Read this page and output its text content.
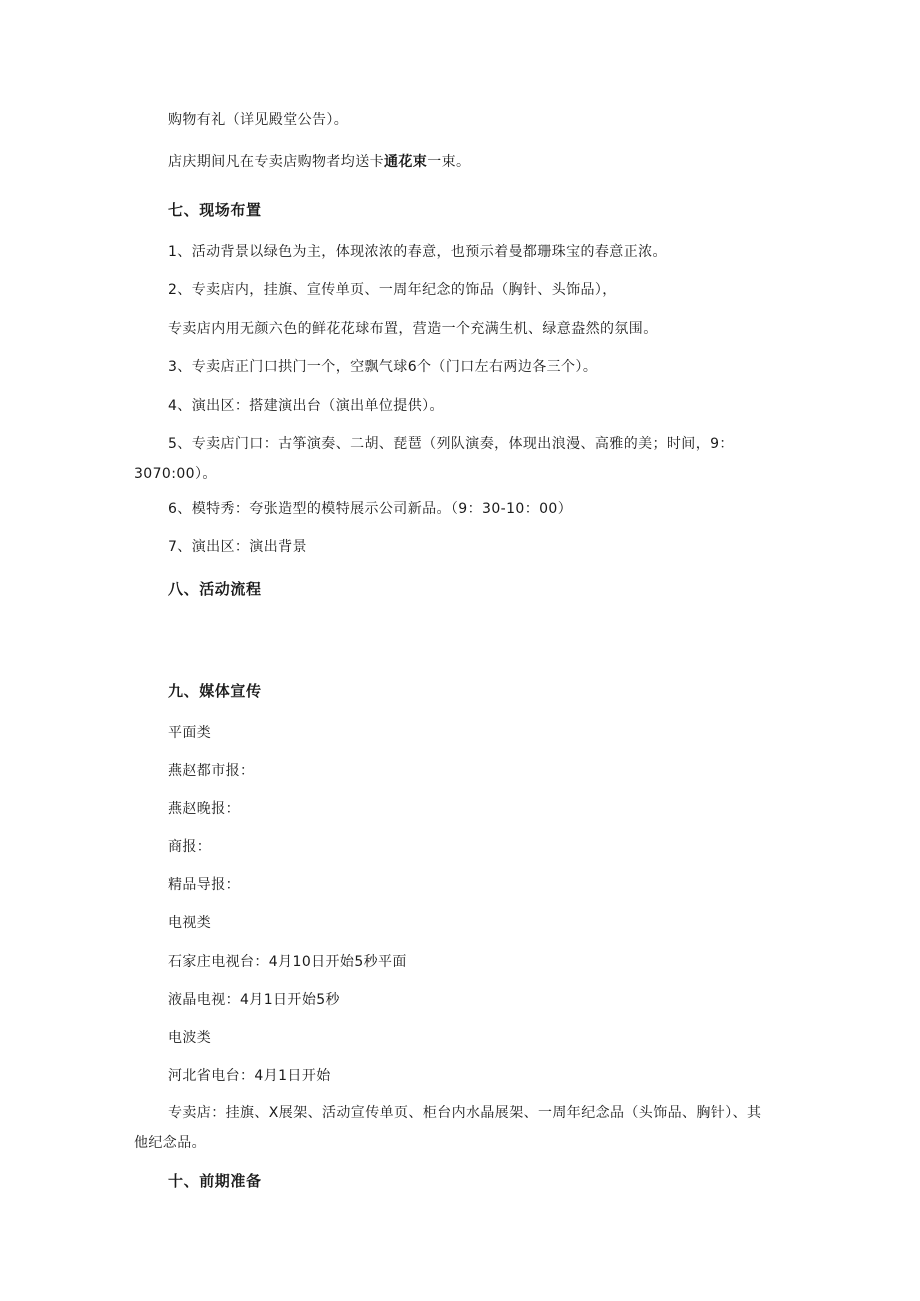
购物有礼（详见殿堂公告）。
店庆期间凡在专卖店购物者均送卡通花束一束。
七、现场布置
1、活动背景以绿色为主，体现浓浓的春意，也预示着曼都珊珠宝的春意正浓。
2、专卖店内，挂旗、宣传单页、一周年纪念的饰品（胸针、头饰品），
专卖店内用无颜六色的鲜花花球布置，营造一个充满生机、绿意盎然的氛围。
3、专卖店正门口拱门一个，空飘气球6个（门口左右两边各三个）。
4、演出区：搭建演出台（演出单位提供）。
5、专卖店门口：古筝演奏、二胡、琵琶（列队演奏，体现出浪漫、高雅的美；时间，9：3070:00）。
6、模特秀：夸张造型的模特展示公司新品。（9：30-10：00）
7、演出区：演出背景
八、活动流程
九、媒体宣传
平面类
燕赵都市报：
燕赵晚报：
商报：
精品导报：
电视类
石家庄电视台：4月10日开始5秒平面
液晶电视：4月1日开始5秒
电波类
河北省电台：4月1日开始
专卖店：挂旗、X展架、活动宣传单页、柜台内水晶展架、一周年纪念品（头饰品、胸针）、其他纪念品。
十、前期准备
